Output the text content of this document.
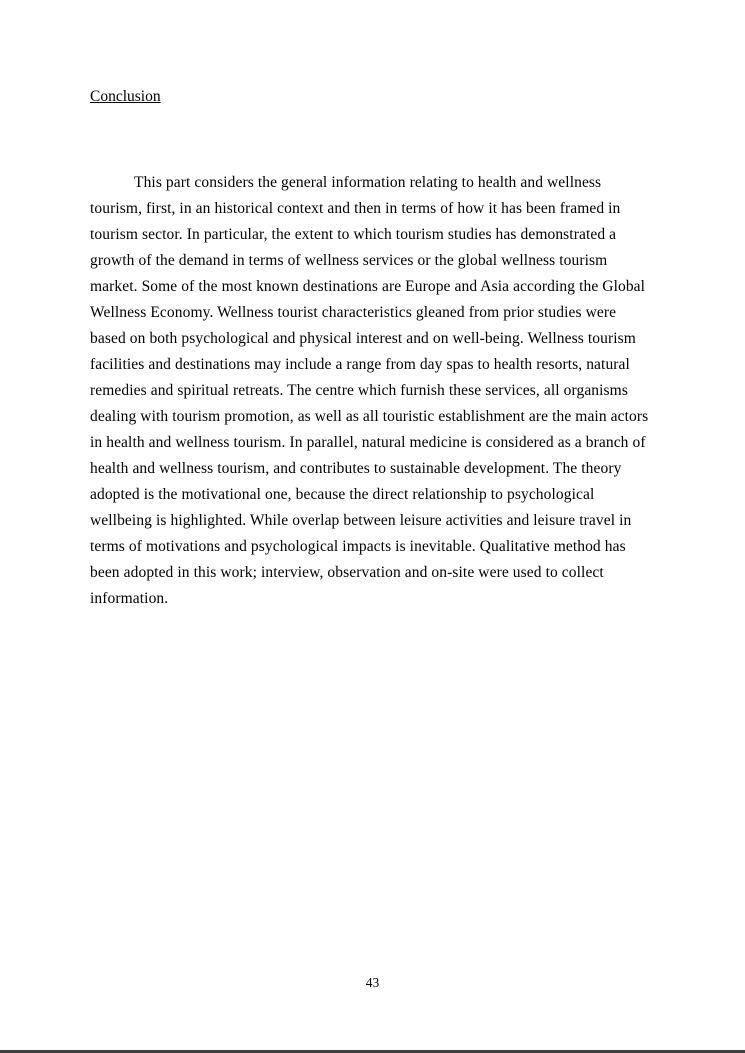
Conclusion

This part considers the general information relating to health and wellness tourism, first, in an historical context and then in terms of how it has been framed in tourism sector. In particular, the extent to which tourism studies has demonstrated a growth of the demand in terms of wellness services or the global wellness tourism market. Some of the most known destinations are Europe and Asia according the Global Wellness Economy. Wellness tourist characteristics gleaned from prior studies were based on both psychological and physical interest and on well-being. Wellness tourism facilities and destinations may include a range from day spas to health resorts, natural remedies and spiritual retreats. The centre which furnish these services, all organisms dealing with tourism promotion, as well as all touristic establishment are the main actors in health and wellness tourism. In parallel, natural medicine is considered as a branch of health and wellness tourism, and contributes to sustainable development. The theory adopted is the motivational one, because the direct relationship to psychological wellbeing is highlighted. While overlap between leisure activities and leisure travel in terms of motivations and psychological impacts is inevitable. Qualitative method has been adopted in this work; interview, observation and on-site were used to collect information.

43
